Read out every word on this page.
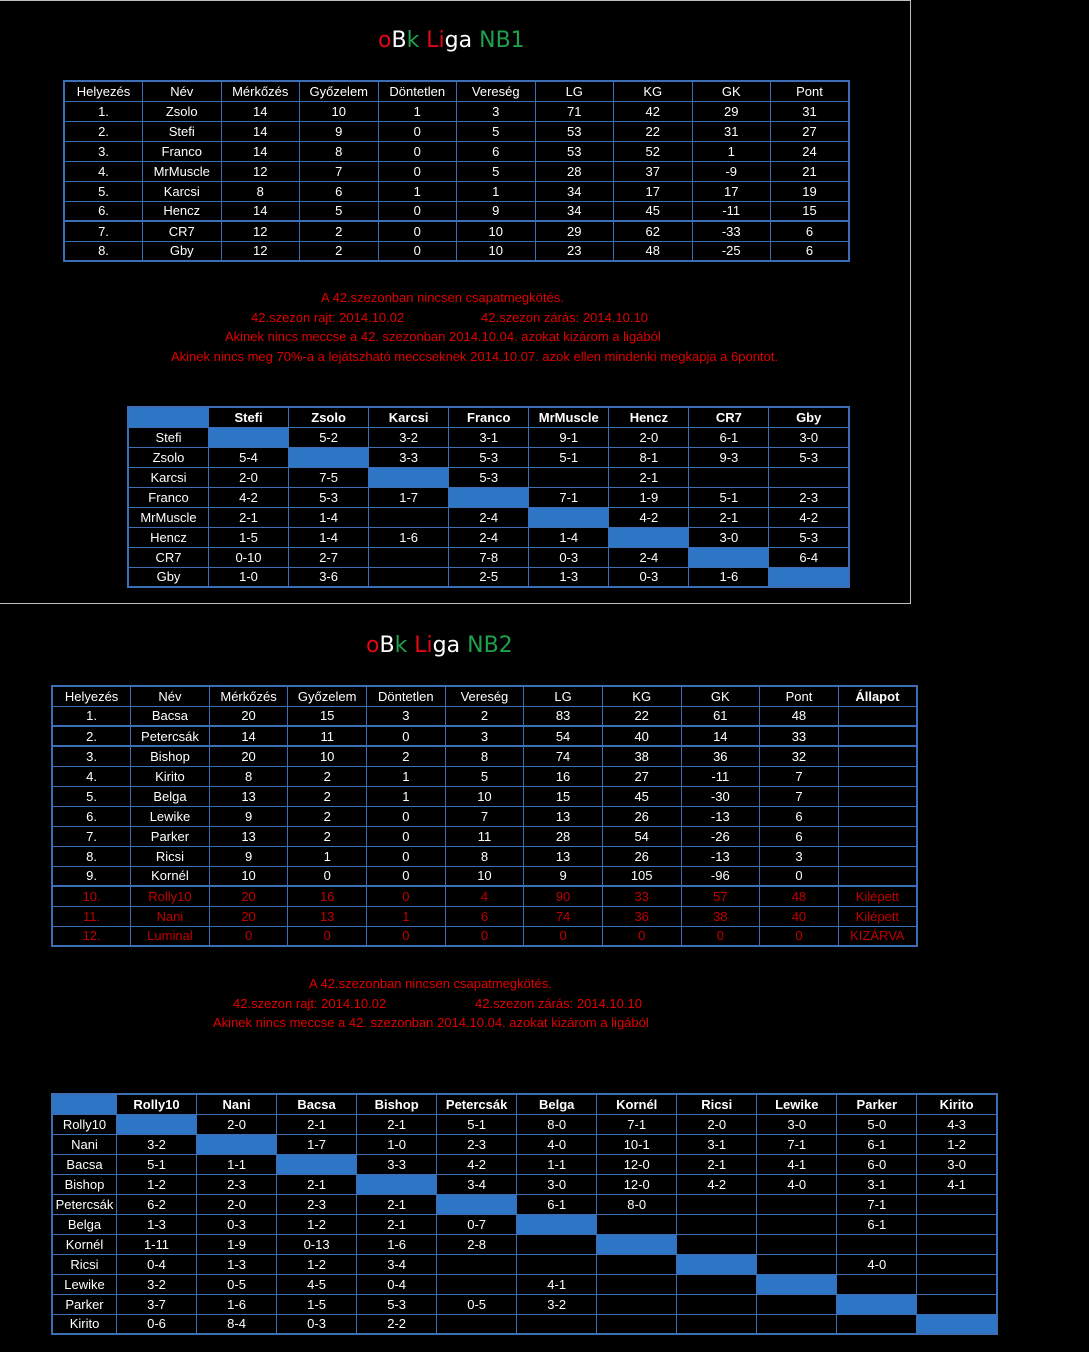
oBk Liga NB1
Helyezés	Név	Mérkőzés	Győzelem	Döntetlen	Vereség	LG	KG	GK	Pont
1.	Zsolo	14	10	1	3	71	42	29	31
2.	Stefi	14	9	0	5	53	22	31	27
3.	Franco	14	8	0	6	53	52	1	24
4.	MrMuscle	12	7	0	5	28	37	-9	21
5.	Karcsi	8	6	1	1	34	17	17	19
6.	Hencz	14	5	0	9	34	45	-11	15
7.	CR7	12	2	0	10	29	62	-33	6
8.	Gby	12	2	0	10	23	48	-25	6
A 42.szezonban nincsen csapatmegkötés.
42.szezon rajt: 2014.10.02	42.szezon zárás: 2014.10.10
Akinek nincs meccse a 42. szezonban 2014.10.04. azokat kizárom a ligából
Akinek nincs meg 70%-a a lejátszható meccseknek 2014.10.07. azok ellen mindenki megkapja a 6pontot.
	Stefi	Zsolo	Karcsi	Franco	MrMuscle	Hencz	CR7	Gby
Stefi		5-2	3-2	3-1	9-1	2-0	6-1	3-0
Zsolo	5-4		3-3	5-3	5-1	8-1	9-3	5-3
Karcsi	2-0	7-5		5-3		2-1		
Franco	4-2	5-3	1-7		7-1	1-9	5-1	2-3
MrMuscle	2-1	1-4		2-4		4-2	2-1	4-2
Hencz	1-5	1-4	1-6	2-4	1-4		3-0	5-3
CR7	0-10	2-7		7-8	0-3	2-4		6-4
Gby	1-0	3-6		2-5	1-3	0-3	1-6	
oBk Liga NB2
Helyezés	Név	Mérkőzés	Győzelem	Döntetlen	Vereség	LG	KG	GK	Pont	Állapot
1.	Bacsa	20	15	3	2	83	22	61	48	
2.	Petercsák	14	11	0	3	54	40	14	33	
3.	Bishop	20	10	2	8	74	38	36	32	
4.	Kirito	8	2	1	5	16	27	-11	7	
5.	Belga	13	2	1	10	15	45	-30	7	
6.	Lewike	9	2	0	7	13	26	-13	6	
7.	Parker	13	2	0	11	28	54	-26	6	
8.	Ricsi	9	1	0	8	13	26	-13	3	
9.	Kornél	10	0	0	10	9	105	-96	0	
10.	Rolly10	20	16	0	4	90	33	57	48	Kilépett
11.	Nani	20	13	1	6	74	36	38	40	Kilépett
12.	Luminal	0	0	0	0	0	0	0	0	KIZÁRVA
A 42.szezonban nincsen csapatmegkötés.
42.szezon rajt: 2014.10.02	42.szezon zárás: 2014.10.10
Akinek nincs meccse a 42. szezonban 2014.10.04. azokat kizárom a ligából
	Rolly10	Nani	Bacsa	Bishop	Petercsák	Belga	Kornél	Ricsi	Lewike	Parker	Kirito
Rolly10		2-0	2-1	2-1	5-1	8-0	7-1	2-0	3-0	5-0	4-3
Nani	3-2		1-7	1-0	2-3	4-0	10-1	3-1	7-1	6-1	1-2
Bacsa	5-1	1-1		3-3	4-2	1-1	12-0	2-1	4-1	6-0	3-0
Bishop	1-2	2-3	2-1		3-4	3-0	12-0	4-2	4-0	3-1	4-1
Petercsák	6-2	2-0	2-3	2-1		6-1	8-0			7-1	
Belga	1-3	0-3	1-2	2-1	0-7					6-1	
Kornél	1-11	1-9	0-13	1-6	2-8						
Ricsi	0-4	1-3	1-2	3-4						4-0	
Lewike	3-2	0-5	4-5	0-4		4-1					
Parker	3-7	1-6	1-5	5-3	0-5	3-2					
Kirito	0-6	8-4	0-3	2-2							
